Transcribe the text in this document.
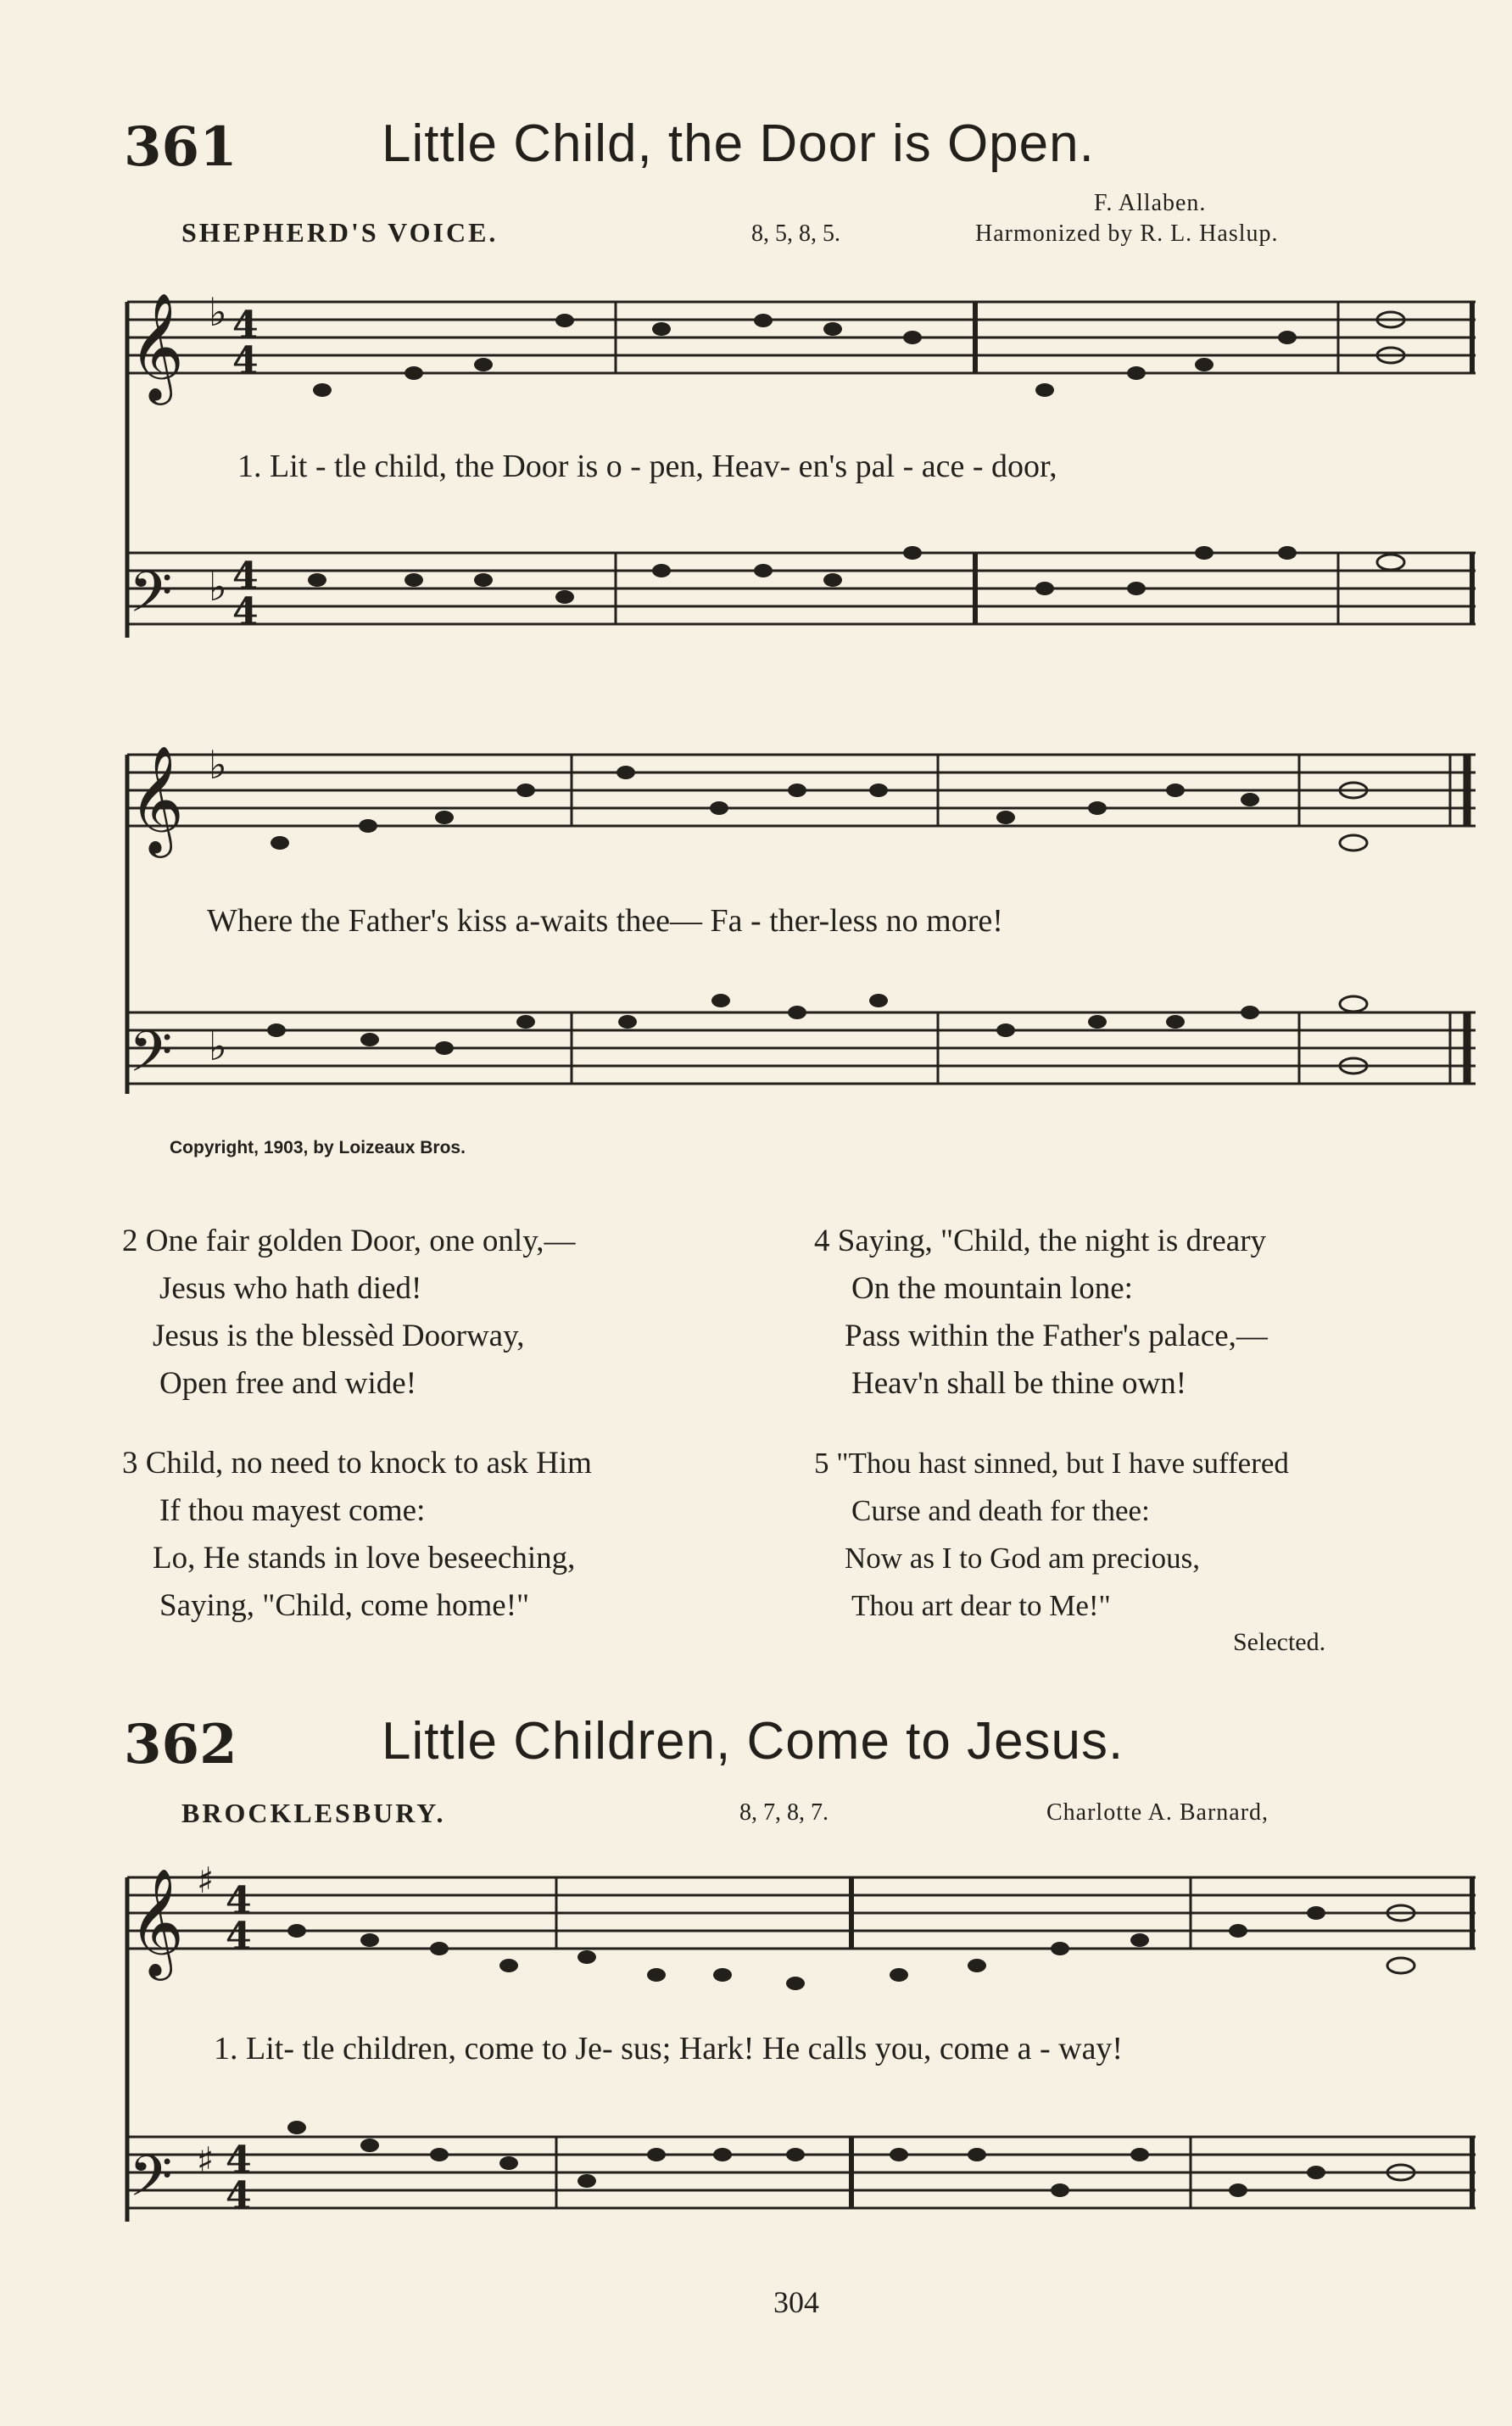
361	Little Child, the Door is Open.
SHEPHERD'S VOICE.	8, 5, 8, 5.
F. Allaben.
Harmonized by R. L. Haslup.
𝄞
𝄢
𝄞
𝄢
♭
♭
♭
♭
4
4
4
4
1. Lit - tle child, the Door is o - pen, Heav- en's pal - ace - door,
Where the Father's kiss a-waits thee— Fa - ther-less no more!
Copyright, 1903, by Loizeaux Bros.
2 One fair golden Door, one only,—
Jesus who hath died!
Jesus is the blessèd Doorway,
Open free and wide!
3 Child, no need to knock to ask Him
If thou mayest come:
Lo, He stands in love beseeching,
Saying, "Child, come home!"
4 Saying, "Child, the night is dreary
On the mountain lone:
Pass within the Father's palace,—
Heav'n shall be thine own!
5 "Thou hast sinned, but I have suffered
Curse and death for thee:
Now as I to God am precious,
Thou art dear to Me!"
Selected.
362	Little Children, Come to Jesus.
BROCKLESBURY.	8, 7, 8, 7.	Charlotte A. Barnard,
𝄞
𝄢
♯
♯
4
4
4
4
1. Lit- tle children, come to Je- sus; Hark! He calls you, come a - way!
304
